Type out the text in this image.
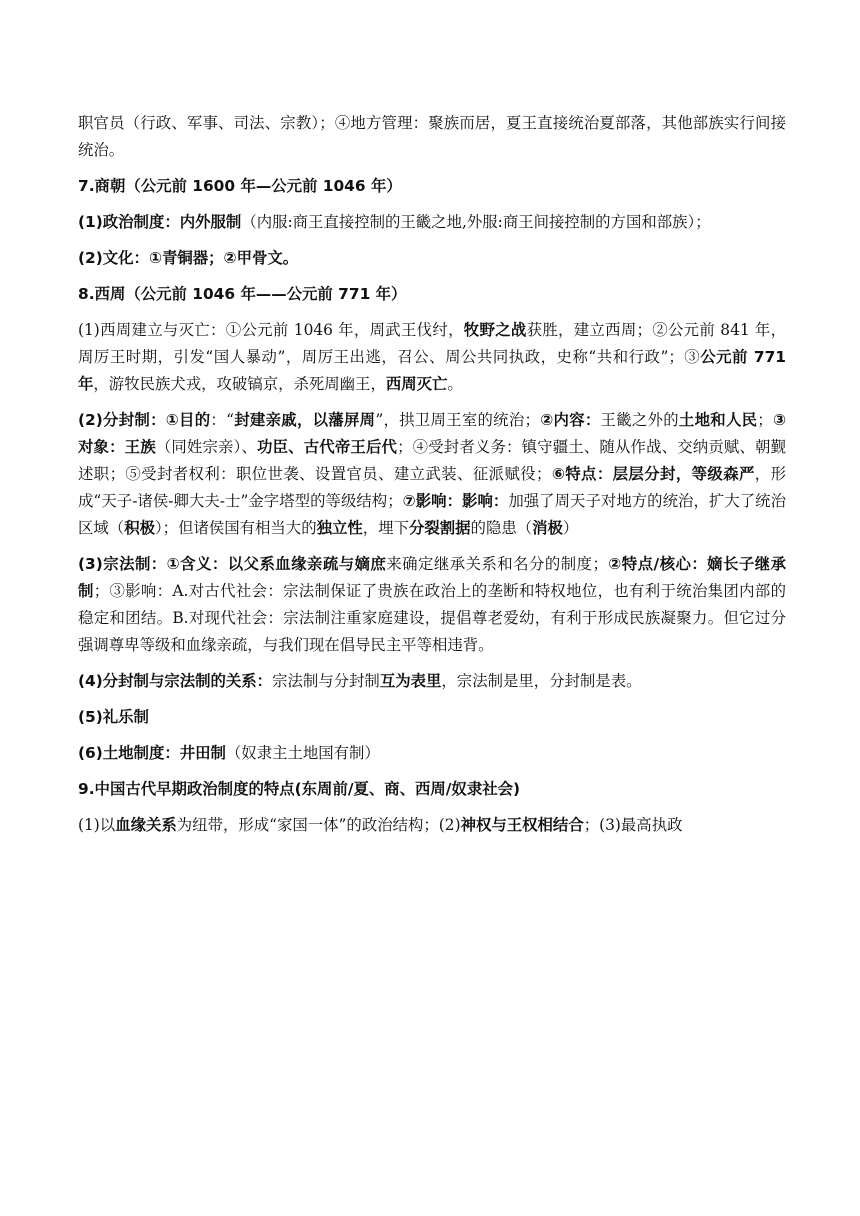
职官员（行政、军事、司法、宗教）；④地方管理：聚族而居，夏王直接统治夏部落，其他部族实行间接统治。

7.商朝（公元前 1600 年—公元前 1046 年）

(1)政治制度：内外服制（内服:商王直接控制的王畿之地,外服:商王间接控制的方国和部族）；

(2)文化：①青铜器；②甲骨文。

8.西周（公元前 1046 年——公元前 771 年）

(1)西周建立与灭亡：①公元前 1046 年，周武王伐纣，牧野之战获胜，建立西周；②公元前 841 年，周厉王时期，引发“国人暴动”，周厉王出逃，召公、周公共同执政，史称“共和行政”；③公元前 771 年，游牧民族犬戎，攻破镐京，杀死周幽王，西周灭亡。

(2)分封制：①目的：“封建亲戚，以藩屏周”，拱卫周王室的统治；②内容：王畿之外的土地和人民；③对象：王族（同姓宗亲）、功臣、古代帝王后代；④受封者义务：镇守疆土、随从作战、交纳贡赋、朝觐述职；⑤受封者权利：职位世袭、设置官员、建立武装、征派赋役；⑥特点：层层分封，等级森严，形成“天子-诸侯-卿大夫-士”金字塔型的等级结构；⑦影响：影响：加强了周天子对地方的统治，扩大了统治区域（积极）；但诸侯国有相当大的独立性，埋下分裂割据的隐患（消极）

(3)宗法制：①含义：以父系血缘亲疏与嫡庶来确定继承关系和名分的制度；②特点/核心：嫡长子继承制；③影响：A.对古代社会：宗法制保证了贵族在政治上的垄断和特权地位，也有利于统治集团内部的稳定和团结。B.对现代社会：宗法制注重家庭建设，提倡尊老爱幼，有利于形成民族凝聚力。但它过分强调尊卑等级和血缘亲疏，与我们现在倡导民主平等相违背。

(4)分封制与宗法制的关系：宗法制与分封制互为表里，宗法制是里，分封制是表。

(5)礼乐制

(6)土地制度：井田制（奴隶主土地国有制）

9.中国古代早期政治制度的特点(东周前/夏、商、西周/奴隶社会)

(1)以血缘关系为纽带，形成“家国一体”的政治结构；(2)神权与王权相结合；(3)最高执政
